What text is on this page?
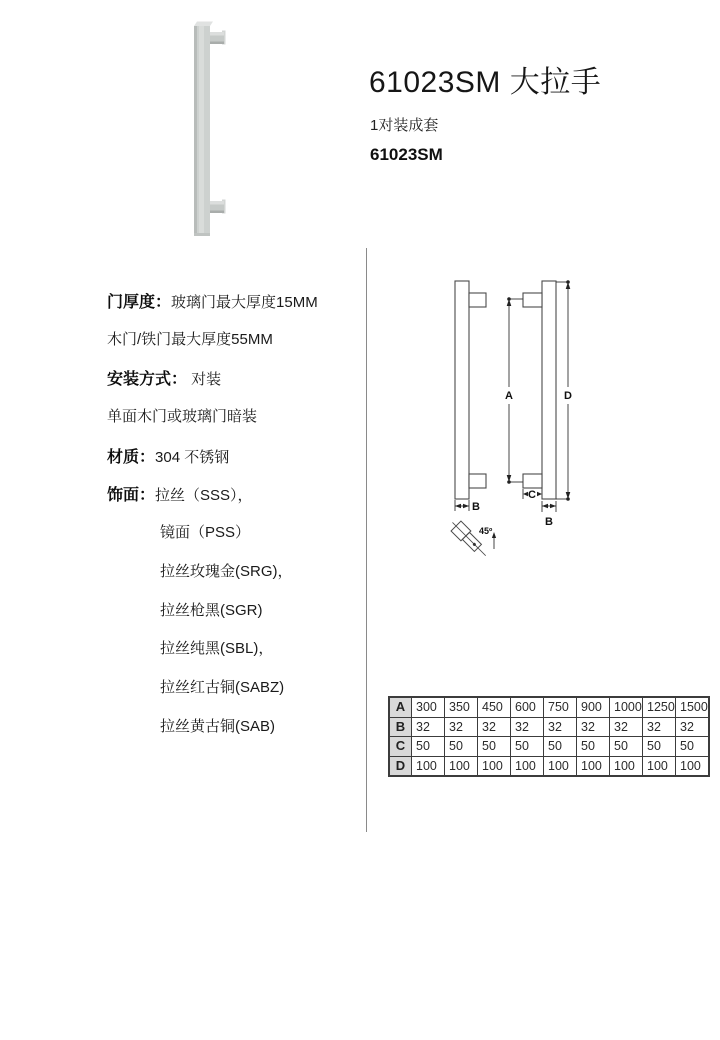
61023SM 大拉手
1对装成套
61023SM
门厚度：玻璃门最大厚度15MM
木门/铁门最大厚度55MM
安装方式： 对装
单面木门或玻璃门暗装
材质：304 不锈钢
饰面：拉丝（SSS），
镜面（PSS）
拉丝玫瑰金(SRG)，
拉丝枪黑(SGR)
拉丝纯黑(SBL)，
拉丝红古铜(SABZ)
拉丝黄古铜(SAB)
B
B
A	D
C
45º
A	300	350	450	600	750	900	1000	1250	1500
B	32	32	32	32	32	32	32	32	32
C	50	50	50	50	50	50	50	50	50
D	100	100	100	100	100	100	100	100	100
